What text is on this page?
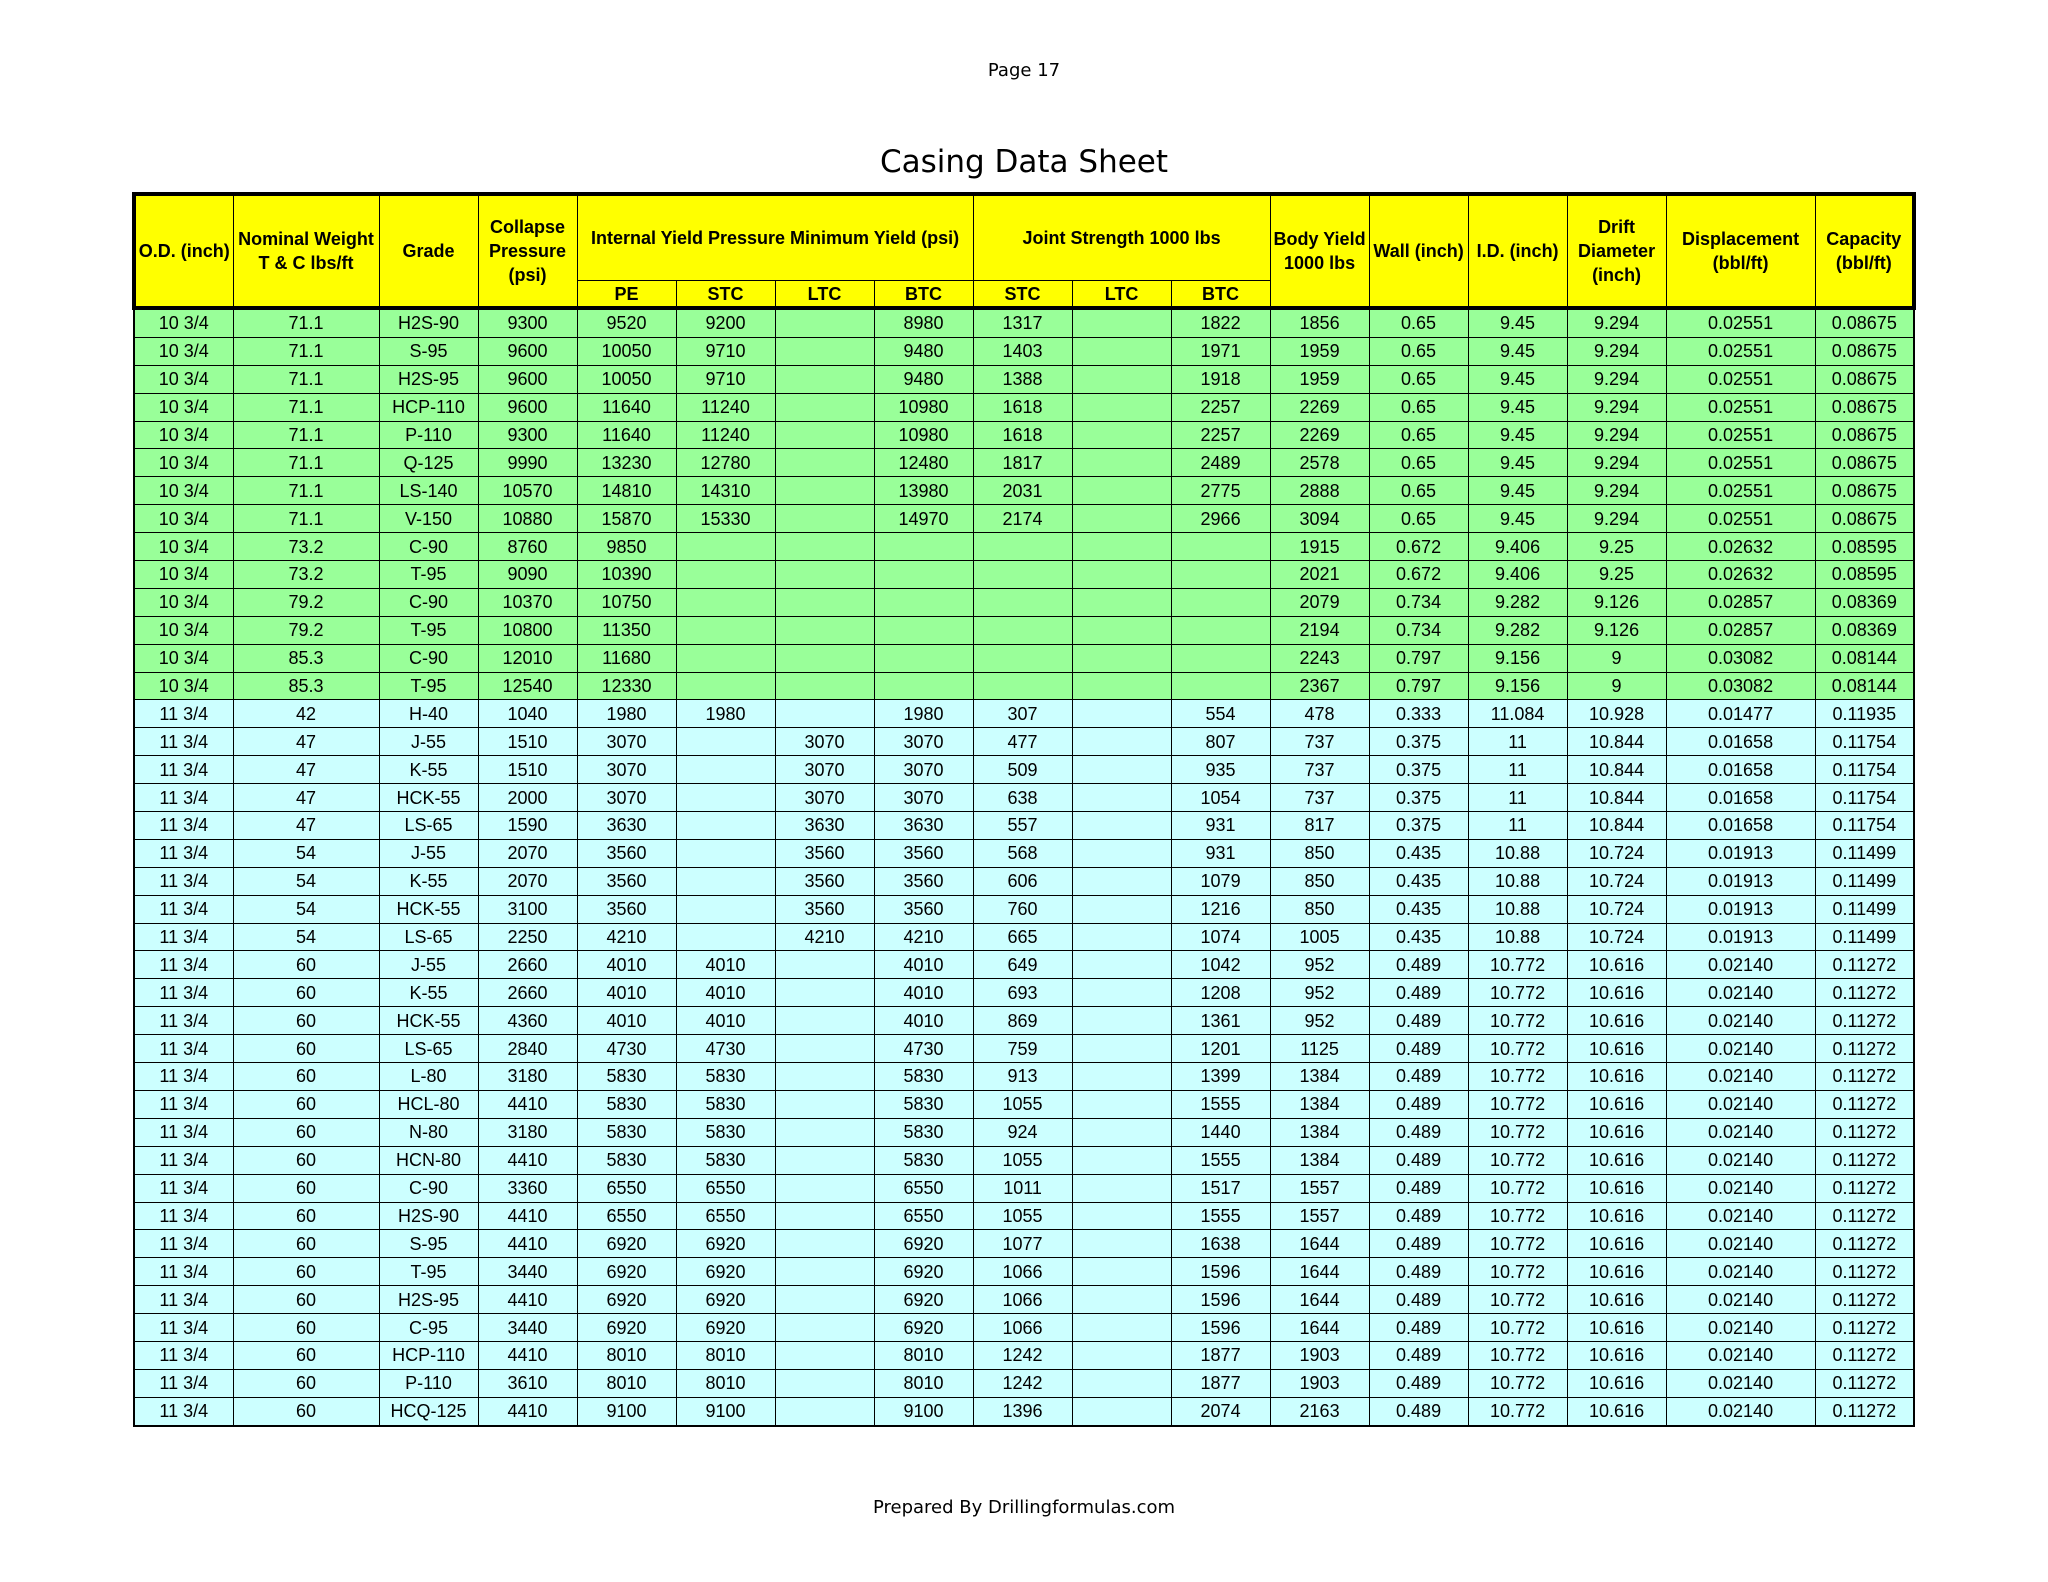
Page 17
Casing Data Sheet
O.D. (inch)	Nominal Weight T & C lbs/ft	Grade	Collapse Pressure (psi)	Internal Yield Pressure Minimum Yield (psi)				Joint Strength 1000 lbs			Body Yield 1000 lbs	Wall (inch)	I.D. (inch)	Drift Diameter (inch)	Displacement (bbl/ft)	Capacity (bbl/ft)
				PE	STC	LTC	BTC	STC	LTC	BTC						
10 3/4	71.1	H2S-90	9300	9520	9200		8980	1317		1822	1856	0.65	9.45	9.294	0.02551	0.08675
10 3/4	71.1	S-95	9600	10050	9710		9480	1403		1971	1959	0.65	9.45	9.294	0.02551	0.08675
10 3/4	71.1	H2S-95	9600	10050	9710		9480	1388		1918	1959	0.65	9.45	9.294	0.02551	0.08675
10 3/4	71.1	HCP-110	9600	11640	11240		10980	1618		2257	2269	0.65	9.45	9.294	0.02551	0.08675
10 3/4	71.1	P-110	9300	11640	11240		10980	1618		2257	2269	0.65	9.45	9.294	0.02551	0.08675
10 3/4	71.1	Q-125	9990	13230	12780		12480	1817		2489	2578	0.65	9.45	9.294	0.02551	0.08675
10 3/4	71.1	LS-140	10570	14810	14310		13980	2031		2775	2888	0.65	9.45	9.294	0.02551	0.08675
10 3/4	71.1	V-150	10880	15870	15330		14970	2174		2966	3094	0.65	9.45	9.294	0.02551	0.08675
10 3/4	73.2	C-90	8760	9850							1915	0.672	9.406	9.25	0.02632	0.08595
10 3/4	73.2	T-95	9090	10390							2021	0.672	9.406	9.25	0.02632	0.08595
10 3/4	79.2	C-90	10370	10750							2079	0.734	9.282	9.126	0.02857	0.08369
10 3/4	79.2	T-95	10800	11350							2194	0.734	9.282	9.126	0.02857	0.08369
10 3/4	85.3	C-90	12010	11680							2243	0.797	9.156	9	0.03082	0.08144
10 3/4	85.3	T-95	12540	12330							2367	0.797	9.156	9	0.03082	0.08144
11 3/4	42	H-40	1040	1980	1980		1980	307		554	478	0.333	11.084	10.928	0.01477	0.11935
11 3/4	47	J-55	1510	3070		3070	3070	477		807	737	0.375	11	10.844	0.01658	0.11754
11 3/4	47	K-55	1510	3070		3070	3070	509		935	737	0.375	11	10.844	0.01658	0.11754
11 3/4	47	HCK-55	2000	3070		3070	3070	638		1054	737	0.375	11	10.844	0.01658	0.11754
11 3/4	47	LS-65	1590	3630		3630	3630	557		931	817	0.375	11	10.844	0.01658	0.11754
11 3/4	54	J-55	2070	3560		3560	3560	568		931	850	0.435	10.88	10.724	0.01913	0.11499
11 3/4	54	K-55	2070	3560		3560	3560	606		1079	850	0.435	10.88	10.724	0.01913	0.11499
11 3/4	54	HCK-55	3100	3560		3560	3560	760		1216	850	0.435	10.88	10.724	0.01913	0.11499
11 3/4	54	LS-65	2250	4210		4210	4210	665		1074	1005	0.435	10.88	10.724	0.01913	0.11499
11 3/4	60	J-55	2660	4010	4010		4010	649		1042	952	0.489	10.772	10.616	0.02140	0.11272
11 3/4	60	K-55	2660	4010	4010		4010	693		1208	952	0.489	10.772	10.616	0.02140	0.11272
11 3/4	60	HCK-55	4360	4010	4010		4010	869		1361	952	0.489	10.772	10.616	0.02140	0.11272
11 3/4	60	LS-65	2840	4730	4730		4730	759		1201	1125	0.489	10.772	10.616	0.02140	0.11272
11 3/4	60	L-80	3180	5830	5830		5830	913		1399	1384	0.489	10.772	10.616	0.02140	0.11272
11 3/4	60	HCL-80	4410	5830	5830		5830	1055		1555	1384	0.489	10.772	10.616	0.02140	0.11272
11 3/4	60	N-80	3180	5830	5830		5830	924		1440	1384	0.489	10.772	10.616	0.02140	0.11272
11 3/4	60	HCN-80	4410	5830	5830		5830	1055		1555	1384	0.489	10.772	10.616	0.02140	0.11272
11 3/4	60	C-90	3360	6550	6550		6550	1011		1517	1557	0.489	10.772	10.616	0.02140	0.11272
11 3/4	60	H2S-90	4410	6550	6550		6550	1055		1555	1557	0.489	10.772	10.616	0.02140	0.11272
11 3/4	60	S-95	4410	6920	6920		6920	1077		1638	1644	0.489	10.772	10.616	0.02140	0.11272
11 3/4	60	T-95	3440	6920	6920		6920	1066		1596	1644	0.489	10.772	10.616	0.02140	0.11272
11 3/4	60	H2S-95	4410	6920	6920		6920	1066		1596	1644	0.489	10.772	10.616	0.02140	0.11272
11 3/4	60	C-95	3440	6920	6920		6920	1066		1596	1644	0.489	10.772	10.616	0.02140	0.11272
11 3/4	60	HCP-110	4410	8010	8010		8010	1242		1877	1903	0.489	10.772	10.616	0.02140	0.11272
11 3/4	60	P-110	3610	8010	8010		8010	1242		1877	1903	0.489	10.772	10.616	0.02140	0.11272
11 3/4	60	HCQ-125	4410	9100	9100		9100	1396		2074	2163	0.489	10.772	10.616	0.02140	0.11272
Prepared By Drillingformulas.com
